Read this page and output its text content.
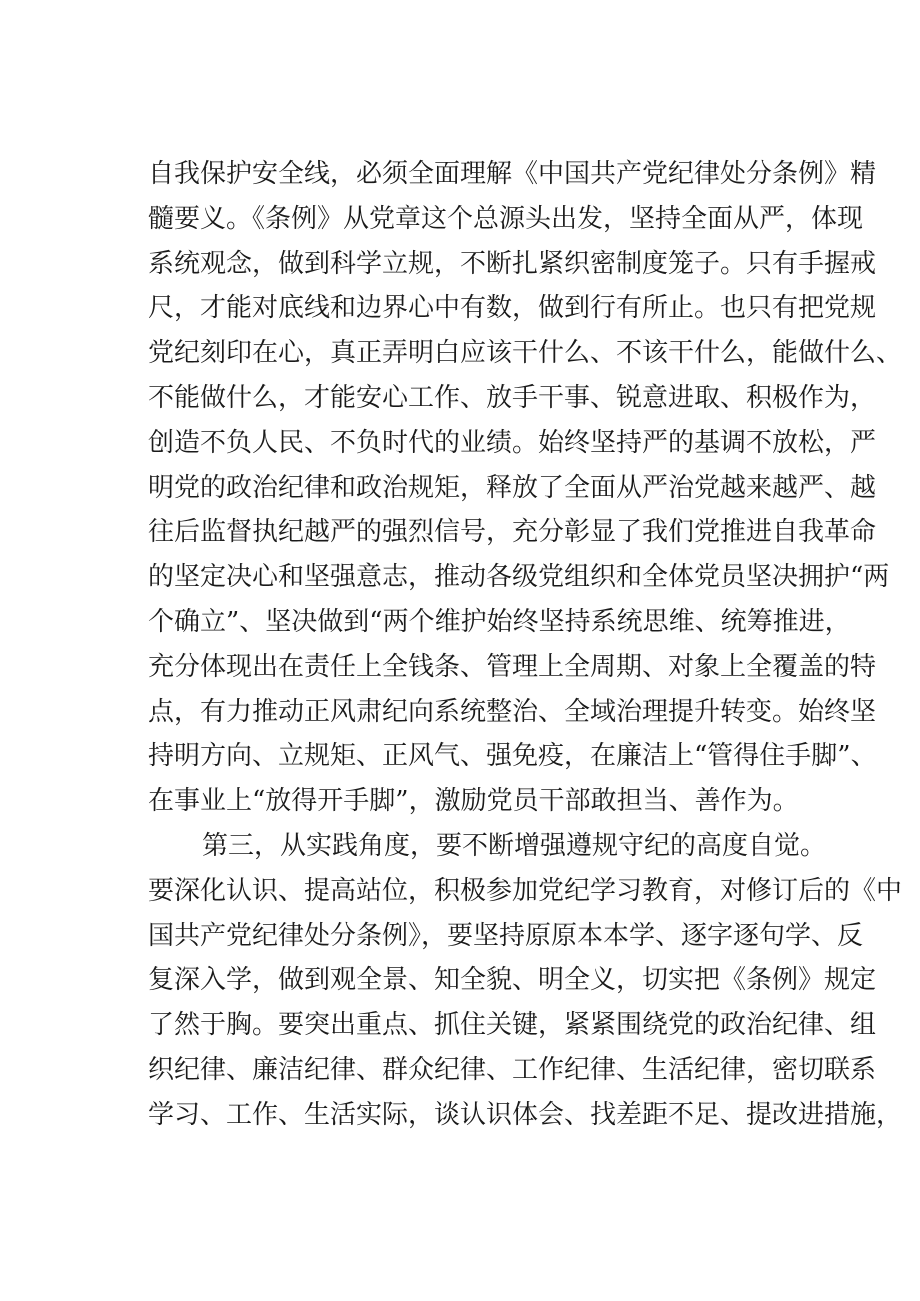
自我保护安全线，必须全面理解《中国共产党纪律处分条例》精
髓要义。《条例》从党章这个总源头出发，坚持全面从严，体现
系统观念，做到科学立规，不断扎紧织密制度笼子。只有手握戒
尺，才能对底线和边界心中有数，做到行有所止。也只有把党规
党纪刻印在心，真正弄明白应该干什么、不该干什么，能做什么、
不能做什么，才能安心工作、放手干事、锐意进取、积极作为，
创造不负人民、不负时代的业绩。始终坚持严的基调不放松，严
明党的政治纪律和政治规矩，释放了全面从严治党越来越严、越
往后监督执纪越严的强烈信号，充分彰显了我们党推进自我革命
的坚定决心和坚强意志，推动各级党组织和全体党员坚决拥护“两
个确立”、坚决做到“两个维护始终坚持系统思维、统筹推进，
充分体现出在责任上全钱条、管理上全周期、对象上全覆盖的特
点，有力推动正风肃纪向系统整治、全域治理提升转变。始终坚
持明方向、立规矩、正风气、强免疫，在廉洁上“管得住手脚”、
在事业上“放得开手脚”，激励党员干部敢担当、善作为。
第三，从实践角度，要不断增强遵规守纪的高度自觉。
要深化认识、提高站位，积极参加党纪学习教育，对修订后的《中
国共产党纪律处分条例》，要坚持原原本本学、逐字逐句学、反
复深入学，做到观全景、知全貌、明全义，切实把《条例》规定
了然于胸。要突出重点、抓住关键，紧紧围绕党的政治纪律、组
织纪律、廉洁纪律、群众纪律、工作纪律、生活纪律，密切联系
学习、工作、生活实际，谈认识体会、找差距不足、提改进措施，
